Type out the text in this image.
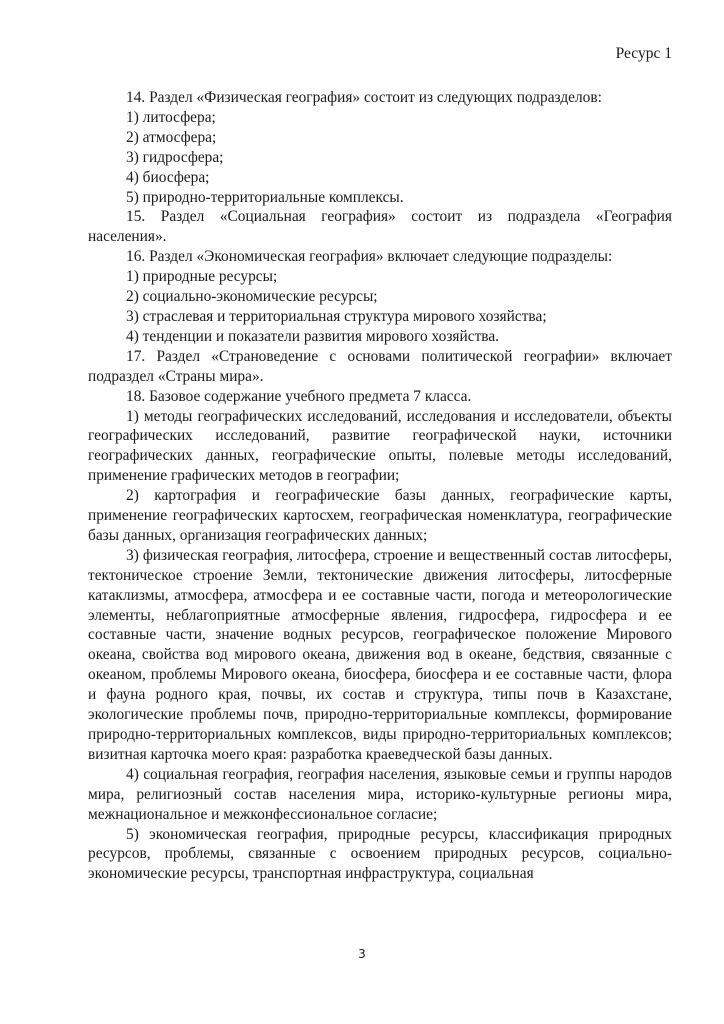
Ресурс 1

14. Раздел «Физическая география» состоит из следующих подразделов:

1) литосфера;

2) атмосфера;

3) гидросфера;

4) биосфера;

5) природно-территориальные комплексы.

15. Раздел «Социальная география» состоит из подраздела «География населения».

16. Раздел «Экономическая география» включает следующие подразделы:

1) природные ресурсы;

2) социально-экономические ресурсы;

3) страслевая и территориальная структура мирового хозяйства;

4) тенденции и показатели развития мирового хозяйства.

17. Раздел «Страноведение с основами политической географии» включает подраздел «Страны мира».

18. Базовое содержание учебного предмета 7 класса.

1) методы географических исследований, исследования и исследователи, объекты географических исследований, развитие географической науки, источники географических данных, географические опыты, полевые методы исследований, применение графических методов в географии;

2) картография и географические базы данных, географические карты, применение географических картосхем, географическая номенклатура, географические базы данных, организация географических данных;

3) физическая география, литосфера, строение и вещественный состав литосферы, тектоническое строение Земли, тектонические движения литосферы, литосферные катаклизмы, атмосфера, атмосфера и ее составные части, погода и метеорологические элементы, неблагоприятные атмосферные явления, гидросфера, гидросфера и ее составные части, значение водных ресурсов, географическое положение Мирового океана, свойства вод мирового океана, движения вод в океане, бедствия, связанные с океаном, проблемы Мирового океана, биосфера, биосфера и ее составные части, флора и фауна родного края, почвы, их состав и структура, типы почв в Казахстане, экологические проблемы почв, природно-территориальные комплексы, формирование природно-территориальных комплексов, виды природно-территориальных комплексов; визитная карточка моего края: разработка краеведческой базы данных.

4) социальная география, география населения, языковые семьи и группы народов мира, религиозный состав населения мира, историко-культурные регионы мира, межнациональное и межконфессиональное согласие;

5) экономическая география, природные ресурсы, классификация природных ресурсов, проблемы, связанные с освоением природных ресурсов, социально-экономические ресурсы, транспортная инфраструктура, социальная

3
